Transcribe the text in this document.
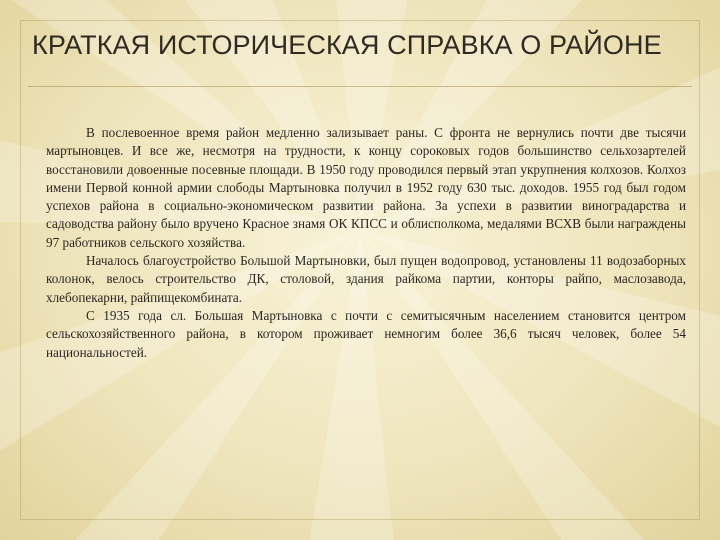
КРАТКАЯ ИСТОРИЧЕСКАЯ СПРАВКА О РАЙОНЕ

В послевоенное время район медленно зализывает раны. С фронта не вернулись почти две тысячи мартыновцев. И все же, несмотря на трудности, к концу сороковых годов большинство сельхозартелей восстановили довоенные посевные площади. В 1950 году проводился первый этап укрупнения колхозов. Колхоз имени Первой конной армии слободы Мартыновка получил в 1952 году 630 тыс. доходов. 1955 год был годом успехов района в социально-экономическом развитии района. За успехи в развитии виноградарства и садоводства району было вручено Красное знамя ОК КПСС и облисполкома, медалями ВСХВ были награждены 97 работников сельского хозяйства.

Началось благоустройство Большой Мартыновки, был пущен водопровод, установлены 11 водозаборных колонок, велось строительство ДК, столовой, здания райкома партии, конторы райпо, маслозавода, хлебопекарни, райпищекомбината.

С 1935 года сл. Большая Мартыновка с почти с семитысячным населением становится центром сельскохозяйственного района, в котором проживает немногим более 36,6 тысяч человек, более 54 национальностей.
